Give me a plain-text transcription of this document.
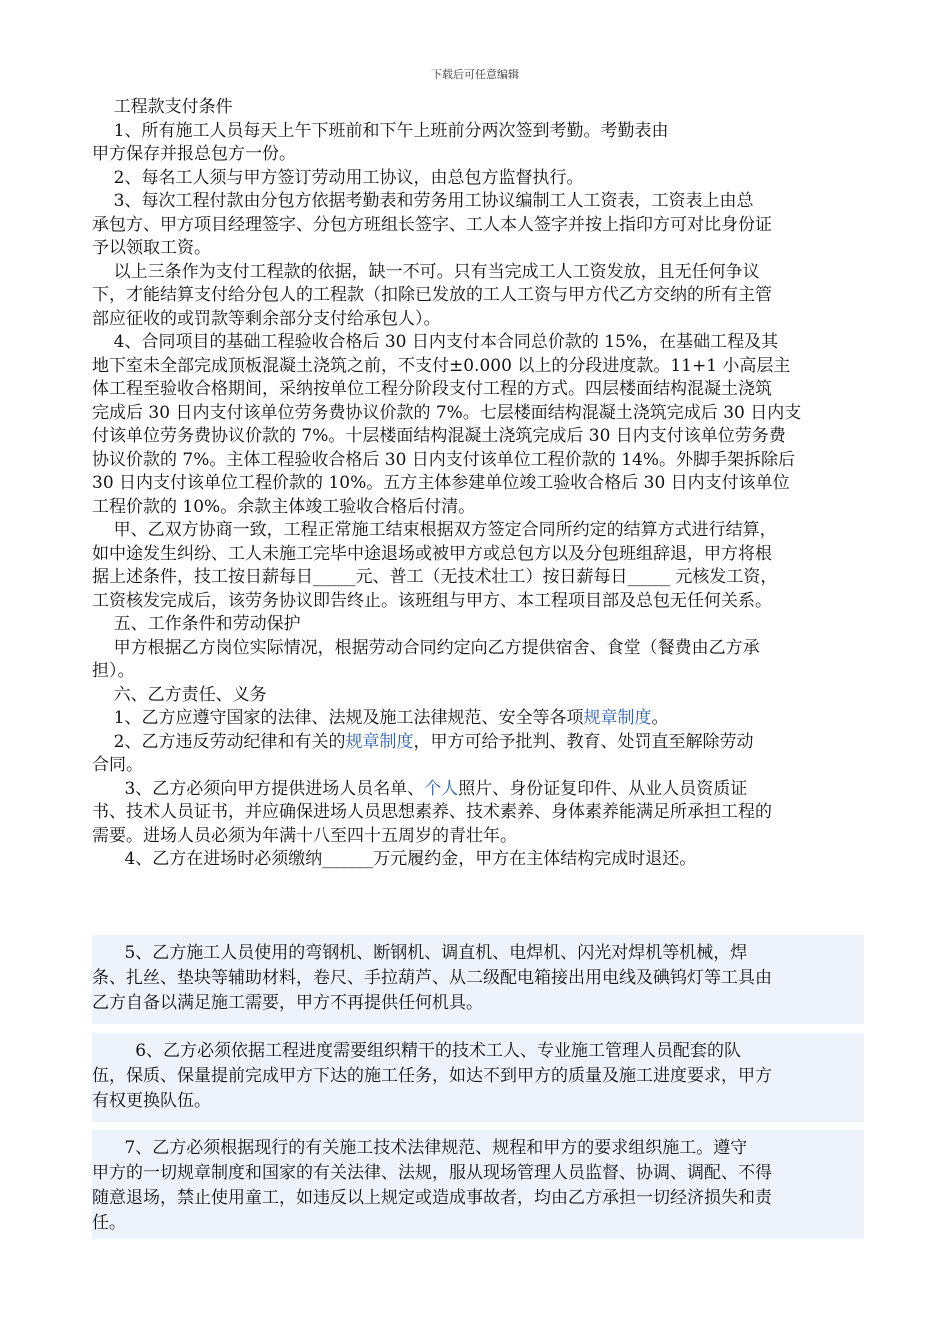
下载后可任意编辑

工程款支付条件

1、所有施工人员每天上午下班前和下午上班前分两次签到考勤。考勤表由

甲方保存并报总包方一份。

2、每名工人须与甲方签订劳动用工协议，由总包方监督执行。

3、每次工程付款由分包方依据考勤表和劳务用工协议编制工人工资表，工资表上由总

承包方、甲方项目经理签字、分包方班组长签字、工人本人签字并按上指印方可对比身份证

予以领取工资。

以上三条作为支付工程款的依据，缺一不可。只有当完成工人工资发放，且无任何争议

下，才能结算支付给分包人的工程款（扣除已发放的工人工资与甲方代乙方交纳的所有主管

部应征收的或罚款等剩余部分支付给承包人）。

4、合同项目的基础工程验收合格后 30 日内支付本合同总价款的 15%，在基础工程及其

地下室未全部完成顶板混凝土浇筑之前，不支付±0.000 以上的分段进度款。11+1 小高层主

体工程至验收合格期间，采纳按单位工程分阶段支付工程的方式。四层楼面结构混凝土浇筑

完成后 30 日内支付该单位劳务费协议价款的 7%。七层楼面结构混凝土浇筑完成后 30 日内支

付该单位劳务费协议价款的 7%。十层楼面结构混凝土浇筑完成后 30 日内支付该单位劳务费

协议价款的 7%。主体工程验收合格后 30 日内支付该单位工程价款的 14%。外脚手架拆除后

30 日内支付该单位工程价款的 10%。五方主体参建单位竣工验收合格后 30 日内支付该单位

工程价款的 10%。余款主体竣工验收合格后付清。

甲、乙双方协商一致，工程正常施工结束根据双方签定合同所约定的结算方式进行结算，

如中途发生纠纷、工人未施工完毕中途退场或被甲方或总包方以及分包班组辞退，甲方将根

据上述条件，技工按日薪每日_____元、普工（无技术壮工）按日薪每日_____ 元核发工资，

工资核发完成后，该劳务协议即告终止。该班组与甲方、本工程项目部及总包无任何关系。

五、工作条件和劳动保护

甲方根据乙方岗位实际情况，根据劳动合同约定向乙方提供宿舍、食堂（餐费由乙方承

担）。

六、乙方责任、义务

1、乙方应遵守国家的法律、法规及施工法律规范、安全等各项规章制度。

2、乙方违反劳动纪律和有关的规章制度，甲方可给予批判、教育、处罚直至解除劳动

合同。

3、乙方必须向甲方提供进场人员名单、个人照片、身份证复印件、从业人员资质证

书、技术人员证书，并应确保进场人员思想素养、技术素养、身体素养能满足所承担工程的

需要。进场人员必须为年满十八至四十五周岁的青壮年。

4、乙方在进场时必须缴纳______万元履约金，甲方在主体结构完成时退还。

5、乙方施工人员使用的弯钢机、断钢机、调直机、电焊机、闪光对焊机等机械，焊

条、扎丝、垫块等辅助材料，卷尺、手拉葫芦、从二级配电箱接出用电线及碘钨灯等工具由

乙方自备以满足施工需要，甲方不再提供任何机具。

6、乙方必须依据工程进度需要组织精干的技术工人、专业施工管理人员配套的队

伍，保质、保量提前完成甲方下达的施工任务，如达不到甲方的质量及施工进度要求，甲方

有权更换队伍。

7、乙方必须根据现行的有关施工技术法律规范、规程和甲方的要求组织施工。遵守

甲方的一切规章制度和国家的有关法律、法规，服从现场管理人员监督、协调、调配、不得

随意退场，禁止使用童工，如违反以上规定或造成事故者，均由乙方承担一切经济损失和责

任。
